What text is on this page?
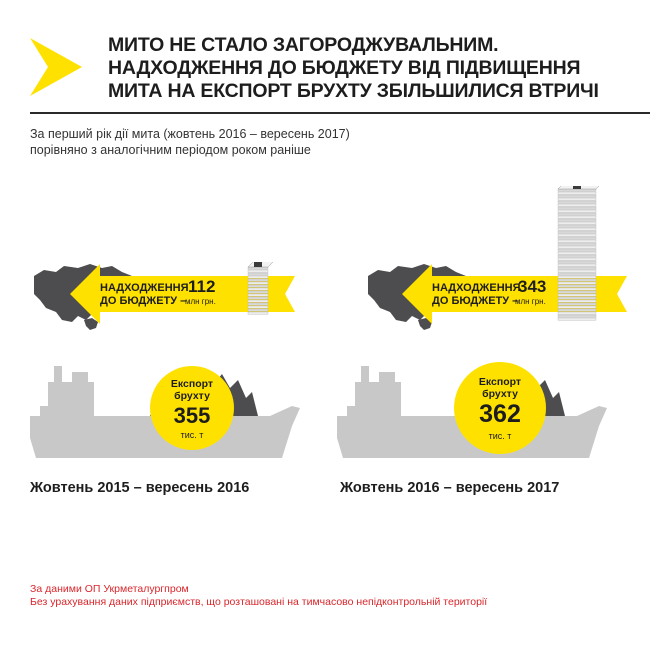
МИТО НЕ СТАЛО ЗАГОРОДЖУВАЛЬНИМ.
НАДХОДЖЕННЯ ДО БЮДЖЕТУ ВІД ПІДВИЩЕННЯ
МИТА НА ЕКСПОРТ БРУХТУ ЗБІЛЬШИЛИСЯ ВТРИЧІ
За перший рік дії мита (жовтень 2016 – вересень 2017)
порівняно з аналогічним періодом роком раніше
НАДХОДЖЕННЯ
ДО БЮДЖЕТУ –
112
млн грн.
Експорт
брухту
355
тис. т
Жовтень 2015 – вересень 2016
НАДХОДЖЕННЯ
ДО БЮДЖЕТУ –
343
млн грн.
Експорт
брухту
362
тис. т
Жовтень 2016 – вересень 2017
За даними ОП Укрметалургпром
Без урахування даних підприємств, що розташовані на тимчасово непідконтрольній території
